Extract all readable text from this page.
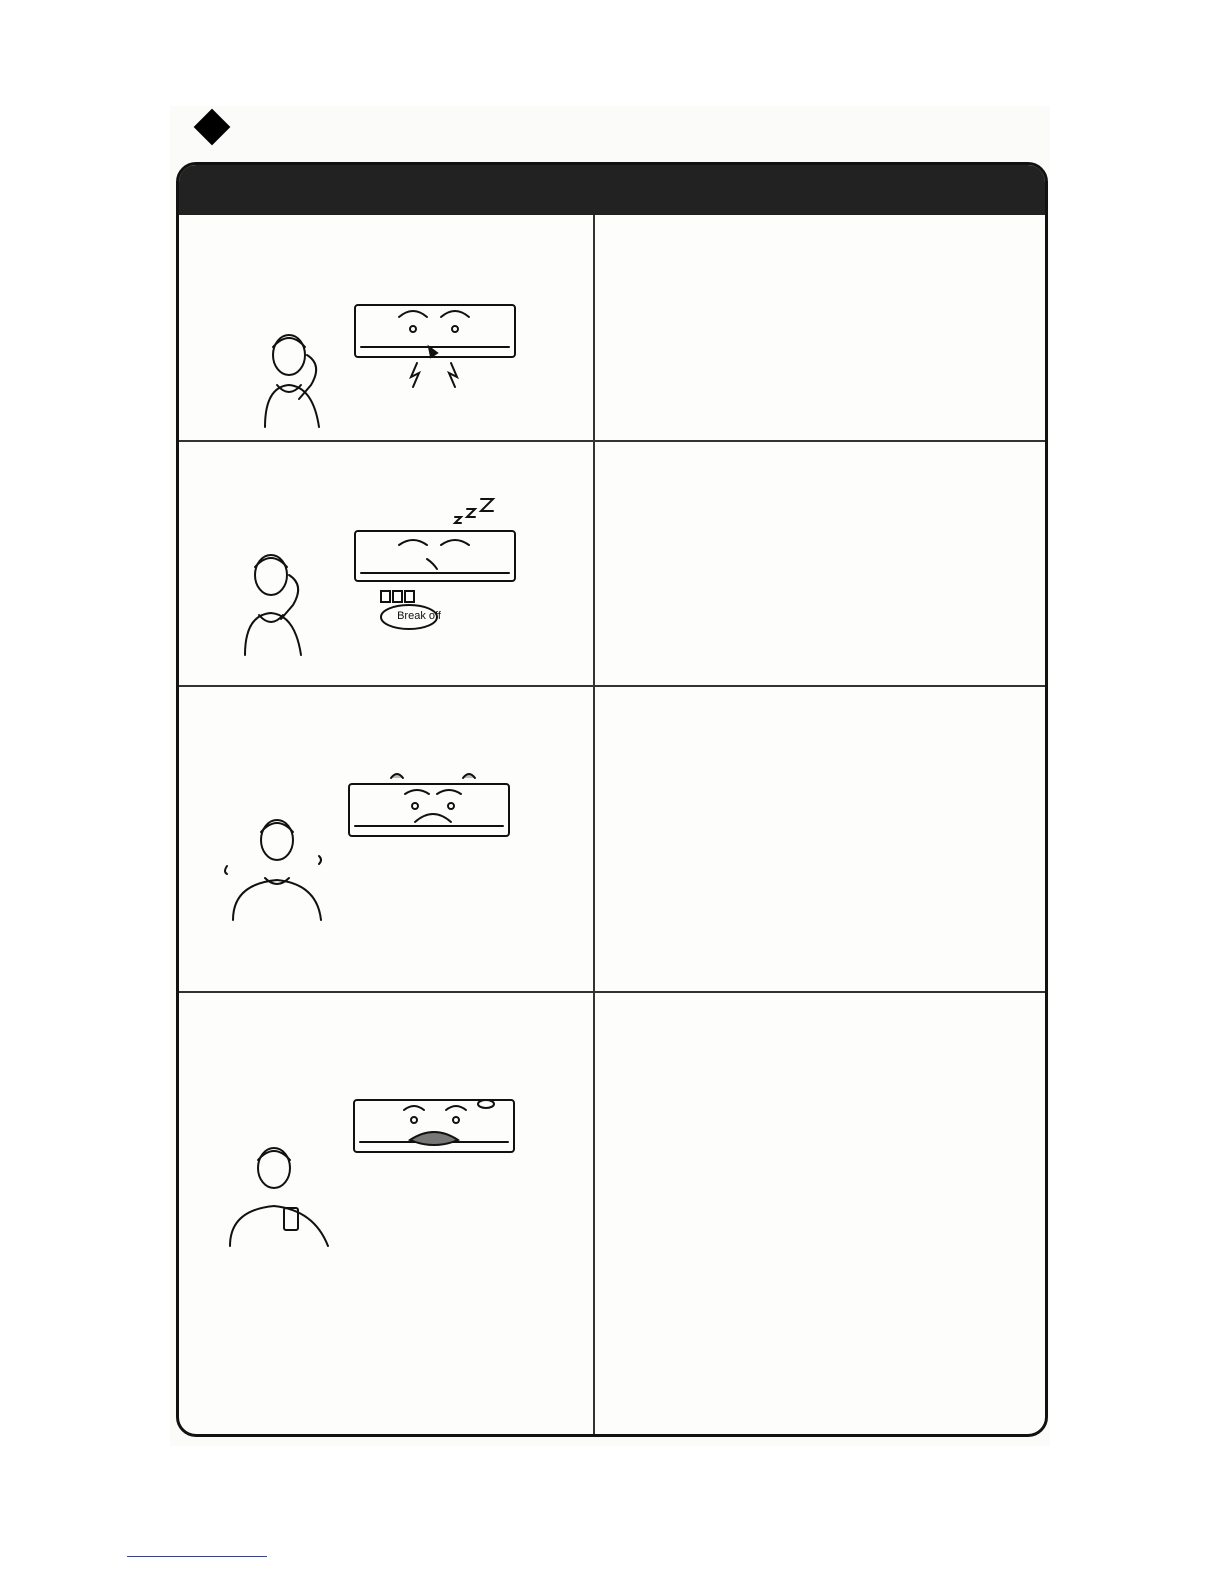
Break off
